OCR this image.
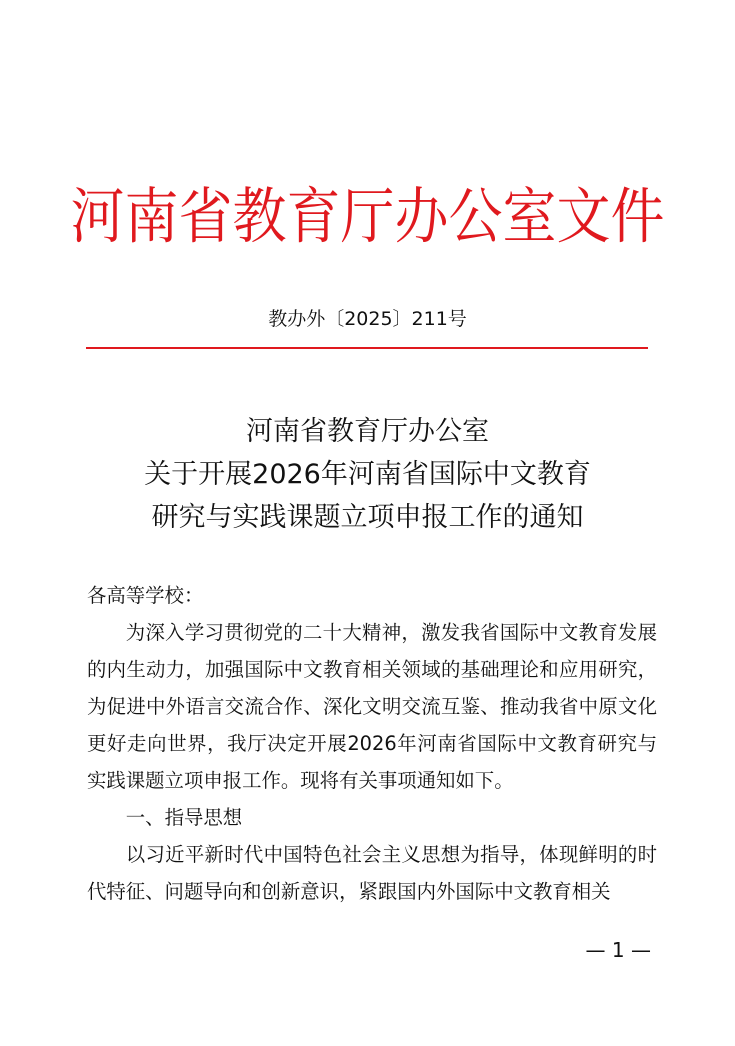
河南省教育厅办公室文件
教办外〔2025〕211号
河南省教育厅办公室
关于开展2026年河南省国际中文教育
研究与实践课题立项申报工作的通知
各高等学校：
为深入学习贯彻党的二十大精神，激发我省国际中文教育发展的内生动力，加强国际中文教育相关领域的基础理论和应用研究，为促进中外语言交流合作、深化文明交流互鉴、推动我省中原文化更好走向世界，我厅决定开展2026年河南省国际中文教育研究与实践课题立项申报工作。现将有关事项通知如下。
一、指导思想
以习近平新时代中国特色社会主义思想为指导，体现鲜明的时代特征、问题导向和创新意识，紧跟国内外国际中文教育相关
— 1 —
